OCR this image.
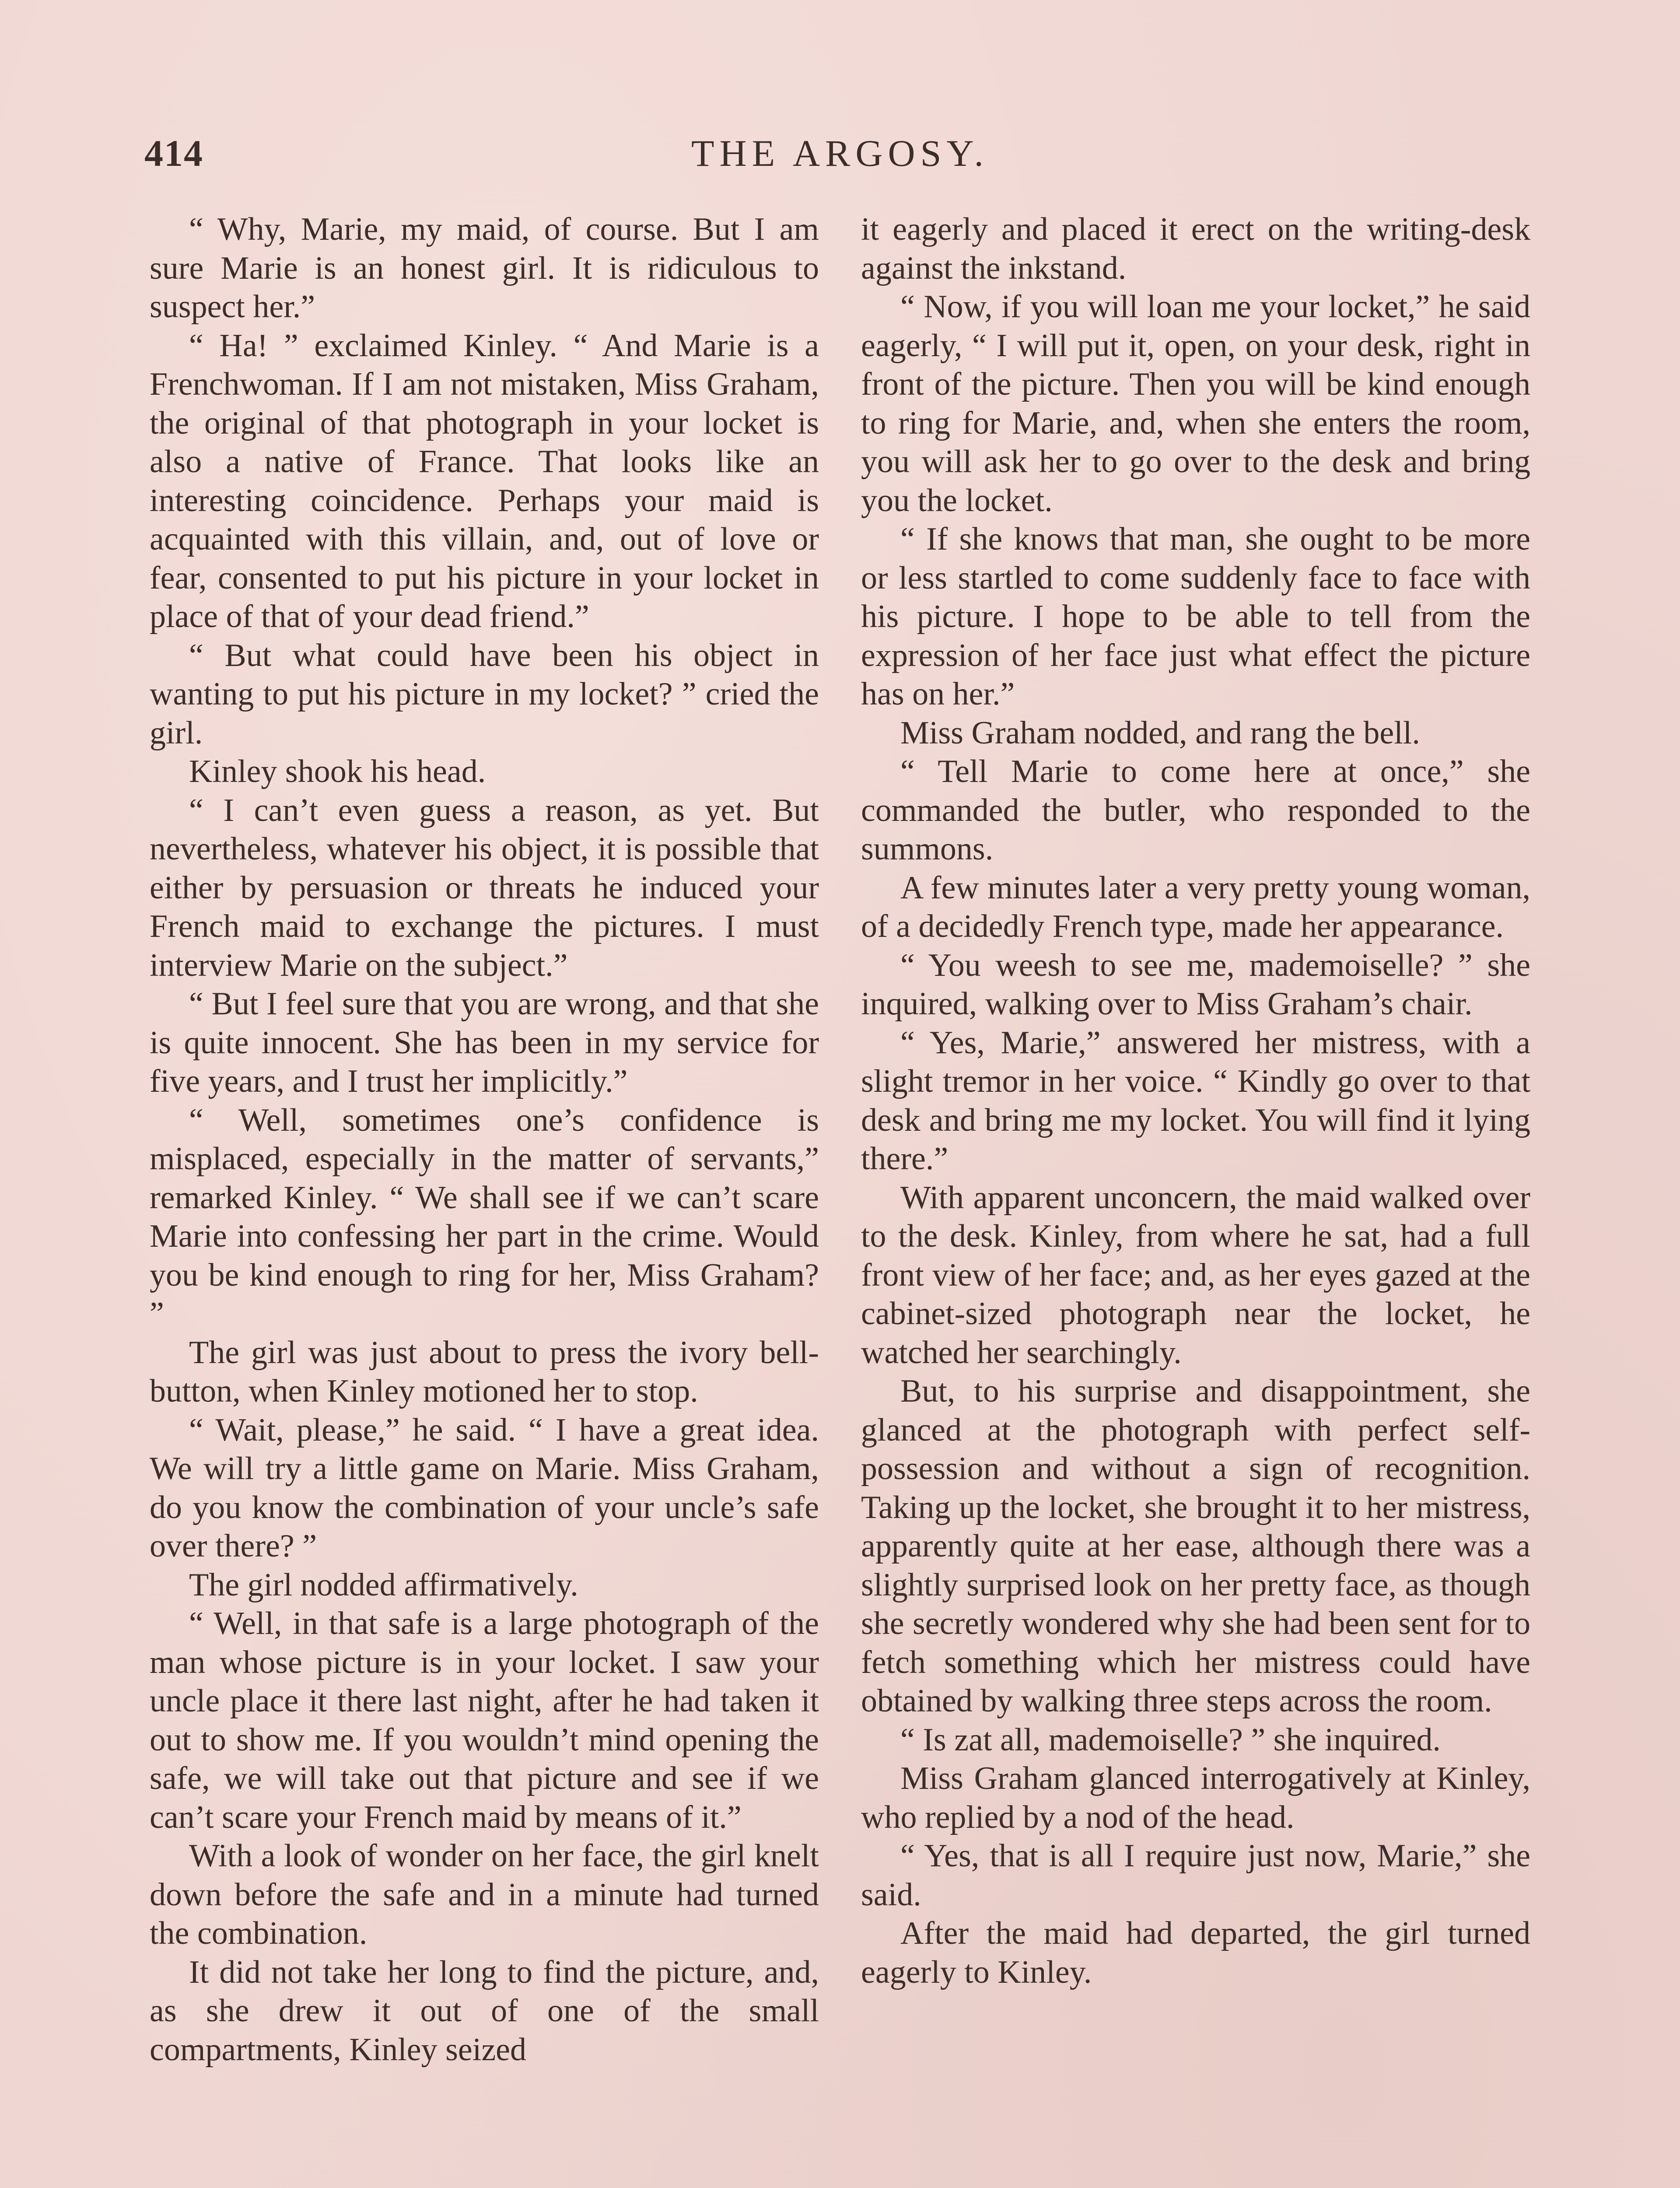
414	THE ARGOSY.

“ Why, Marie, my maid, of course. But I am sure Marie is an honest girl. It is ridiculous to suspect her.”

“ Ha! ” exclaimed Kinley. “ And Marie is a Frenchwoman. If I am not mistaken, Miss Graham, the original of that photograph in your locket is also a native of France. That looks like an interesting coincidence. Perhaps your maid is acquainted with this villain, and, out of love or fear, consented to put his picture in your locket in place of that of your dead friend.”

“ But what could have been his object in wanting to put his picture in my locket? ” cried the girl.

Kinley shook his head.

“ I can’t even guess a reason, as yet. But nevertheless, whatever his object, it is possible that either by persuasion or threats he induced your French maid to exchange the pictures. I must interview Marie on the subject.”

“ But I feel sure that you are wrong, and that she is quite innocent. She has been in my service for five years, and I trust her implicitly.”

“ Well, sometimes one’s confidence is misplaced, especially in the matter of servants,” remarked Kinley. “ We shall see if we can’t scare Marie into confessing her part in the crime. Would you be kind enough to ring for her, Miss Graham? ”

The girl was just about to press the ivory bell-button, when Kinley motioned her to stop.

“ Wait, please,” he said. “ I have a great idea. We will try a little game on Marie. Miss Graham, do you know the combination of your uncle’s safe over there? ”

The girl nodded affirmatively.

“ Well, in that safe is a large photograph of the man whose picture is in your locket. I saw your uncle place it there last night, after he had taken it out to show me. If you wouldn’t mind opening the safe, we will take out that picture and see if we can’t scare your French maid by means of it.”

With a look of wonder on her face, the girl knelt down before the safe and in a minute had turned the combination.

It did not take her long to find the picture, and, as she drew it out of one of the small compartments, Kinley seized

it eagerly and placed it erect on the writing-desk against the inkstand.

“ Now, if you will loan me your locket,” he said eagerly, “ I will put it, open, on your desk, right in front of the picture. Then you will be kind enough to ring for Marie, and, when she enters the room, you will ask her to go over to the desk and bring you the locket.

“ If she knows that man, she ought to be more or less startled to come suddenly face to face with his picture. I hope to be able to tell from the expression of her face just what effect the picture has on her.”

Miss Graham nodded, and rang the bell.

“ Tell Marie to come here at once,” she commanded the butler, who responded to the summons.

A few minutes later a very pretty young woman, of a decidedly French type, made her appearance.

“ You weesh to see me, mademoiselle? ” she inquired, walking over to Miss Graham’s chair.

“ Yes, Marie,” answered her mistress, with a slight tremor in her voice. “ Kindly go over to that desk and bring me my locket. You will find it lying there.”

With apparent unconcern, the maid walked over to the desk. Kinley, from where he sat, had a full front view of her face; and, as her eyes gazed at the cabinet-sized photograph near the locket, he watched her searchingly.

But, to his surprise and disappointment, she glanced at the photograph with perfect self-possession and without a sign of recognition. Taking up the locket, she brought it to her mistress, apparently quite at her ease, although there was a slightly surprised look on her pretty face, as though she secretly wondered why she had been sent for to fetch something which her mistress could have obtained by walking three steps across the room.

“ Is zat all, mademoiselle? ” she inquired.

Miss Graham glanced interrogatively at Kinley, who replied by a nod of the head.

“ Yes, that is all I require just now, Marie,” she said.

After the maid had departed, the girl turned eagerly to Kinley.
